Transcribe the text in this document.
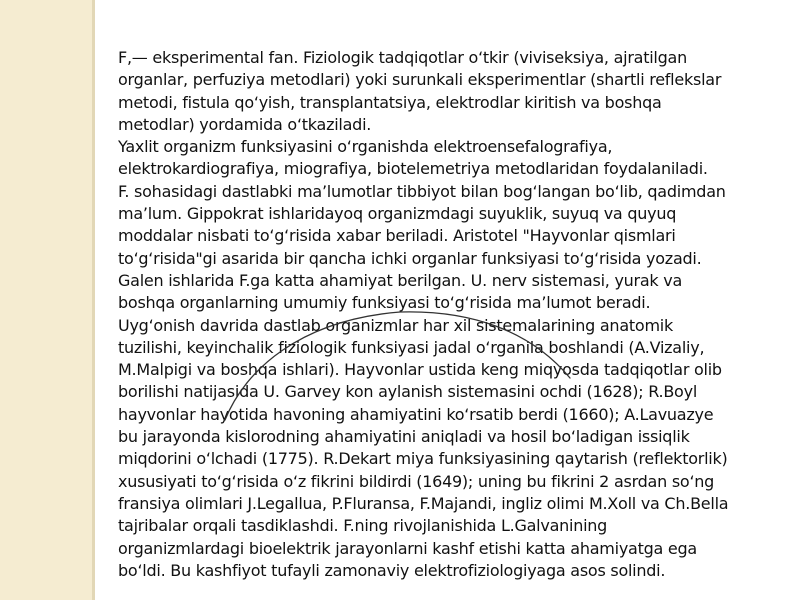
F,— eksperimental fan. Fiziologik tadqiqotlar o‘tkir (viviseksiya, ajratilgan
organlar, perfuziya metodlari) yoki surunkali eksperimentlar (shartli reflekslar
metodi, fistula qo‘yish, transplantatsiya, elektrodlar kiritish va boshqa
metodlar) yordamida o‘tkaziladi.

Yaxlit organizm funksiyasini o‘rganishda elektroensefalografiya,
elektrokardiografiya, miografiya, biotelemetriya metodlaridan foydalaniladi.

F. sohasidagi dastlabki ma’lumotlar tibbiyot bilan bog‘langan bo‘lib, qadimdan
ma’lum. Gippokrat ishlaridayoq organizmdagi suyuklik, suyuq va quyuq
moddalar nisbati to‘g‘risida xabar beriladi. Aristotel "Hayvonlar qismlari
to‘g‘risida"gi asarida bir qancha ichki organlar funksiyasi to‘g‘risida yozadi.
Galen ishlarida F.ga katta ahamiyat berilgan. U. nerv sistemasi, yurak va
boshqa organlarning umumiy funksiyasi to‘g‘risida ma’lumot beradi.

Uyg‘onish davrida dastlab organizmlar har xil sistemalarining anatomik
tuzilishi, keyinchalik fiziologik funksiyasi jadal o‘rganila boshlandi (A.Vizaliy,
M.Malpigi va boshqa ishlari). Hayvonlar ustida keng miqyosda tadqiqotlar olib
borilishi natijasida U. Garvey kon aylanish sistemasini ochdi (1628); R.Boyl
hayvonlar hayotida havoning ahamiyatini ko‘rsatib berdi (1660); A.Lavuazye
bu jarayonda kislorodning ahamiyatini aniqladi va hosil bo‘ladigan issiqlik
miqdorini o‘lchadi (1775). R.Dekart miya funksiyasining qaytarish (reflektorlik)
xususiyati to‘g‘risida o‘z fikrini bildirdi (1649); uning bu fikrini 2 asrdan so‘ng
fransiya olimlari J.Legallua, P.Fluransa, F.Majandi, ingliz olimi M.Xoll va Ch.Bella
tajribalar orqali tasdiklashdi. F.ning rivojlanishida L.Galvanining
organizmlardagi bioelektrik jarayonlarni kashf etishi katta ahamiyatga ega
bo‘ldi. Bu kashfiyot tufayli zamonaviy elektrofiziologiyaga asos solindi.
